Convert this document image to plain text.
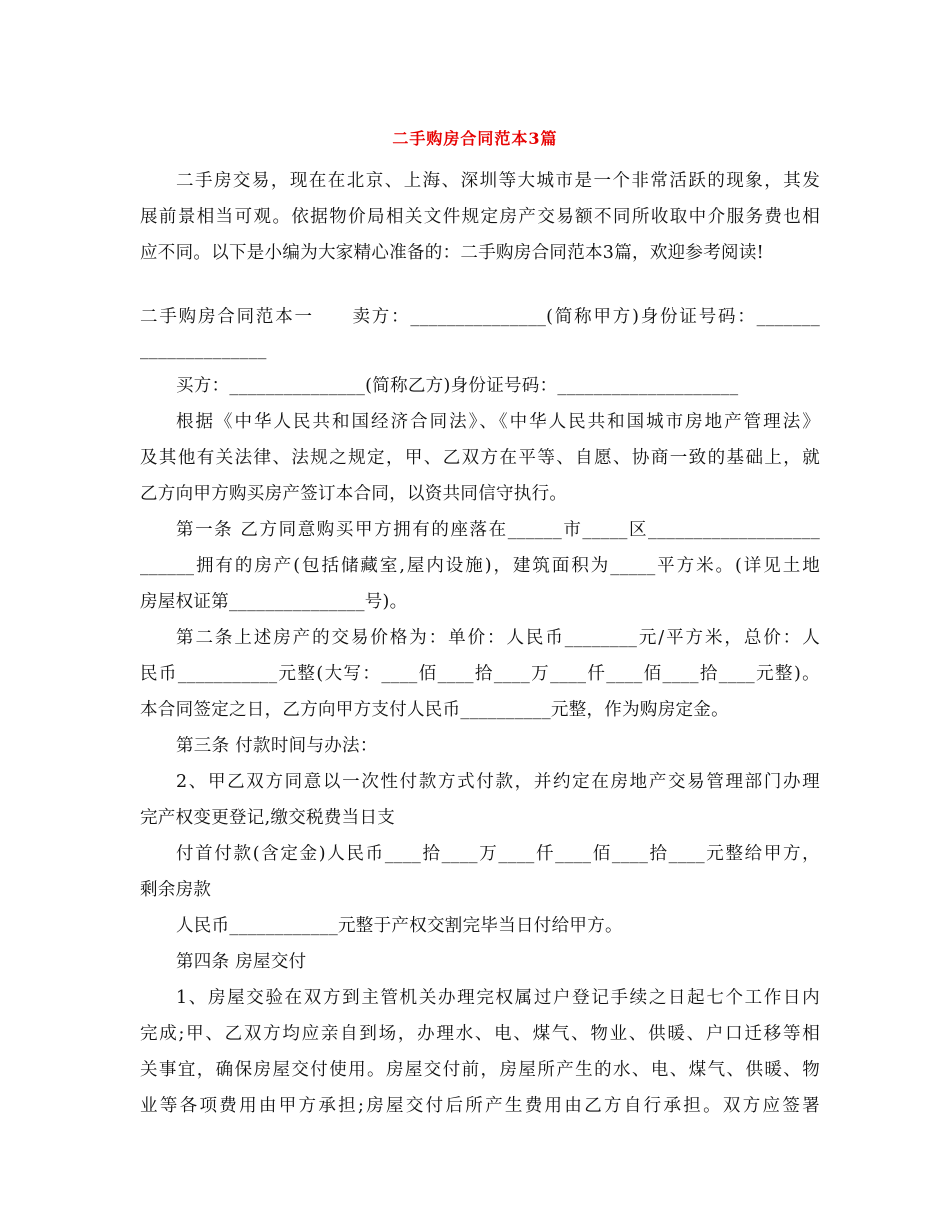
二手购房合同范本3篇
二手房交易，现在在北京、上海、深圳等大城市是一个非常活跃的现象，其发
展前景相当可观。依据物价局相关文件规定房产交易额不同所收取中介服务费也相
应不同。以下是小编为大家精心准备的：二手购房合同范本3篇，欢迎参考阅读!
二手购房合同范本一　　卖方：_______________(简称甲方)身份证号码：_______
______________
买方：_______________(简称乙方)身份证号码：____________________
根据《中华人民共和国经济合同法》、《中华人民共和国城市房地产管理法》
及其他有关法律、法规之规定，甲、乙双方在平等、自愿、协商一致的基础上，就
乙方向甲方购买房产签订本合同，以资共同信守执行。
第一条 乙方同意购买甲方拥有的座落在______市_____区___________________
______拥有的房产(包括储藏室,屋内设施)，建筑面积为_____平方米。(详见土地
房屋权证第_______________号)。
第二条上述房产的交易价格为：单价：人民币________元/平方米，总价：人
民币___________元整(大写：____佰____拾____万____仟____佰____拾____元整)。
本合同签定之日，乙方向甲方支付人民币__________元整，作为购房定金。
第三条 付款时间与办法：
2、甲乙双方同意以一次性付款方式付款，并约定在房地产交易管理部门办理
完产权变更登记,缴交税费当日支
付首付款(含定金)人民币____拾____万____仟____佰____拾____元整给甲方，
剩余房款
人民币____________元整于产权交割完毕当日付给甲方。
第四条 房屋交付
1、房屋交验在双方到主管机关办理完权属过户登记手续之日起七个工作日内
完成;甲、乙双方均应亲自到场，办理水、电、煤气、物业、供暖、户口迁移等相
关事宜，确保房屋交付使用。房屋交付前，房屋所产生的水、电、煤气、供暖、物
业等各项费用由甲方承担;房屋交付后所产生费用由乙方自行承担。双方应签署
